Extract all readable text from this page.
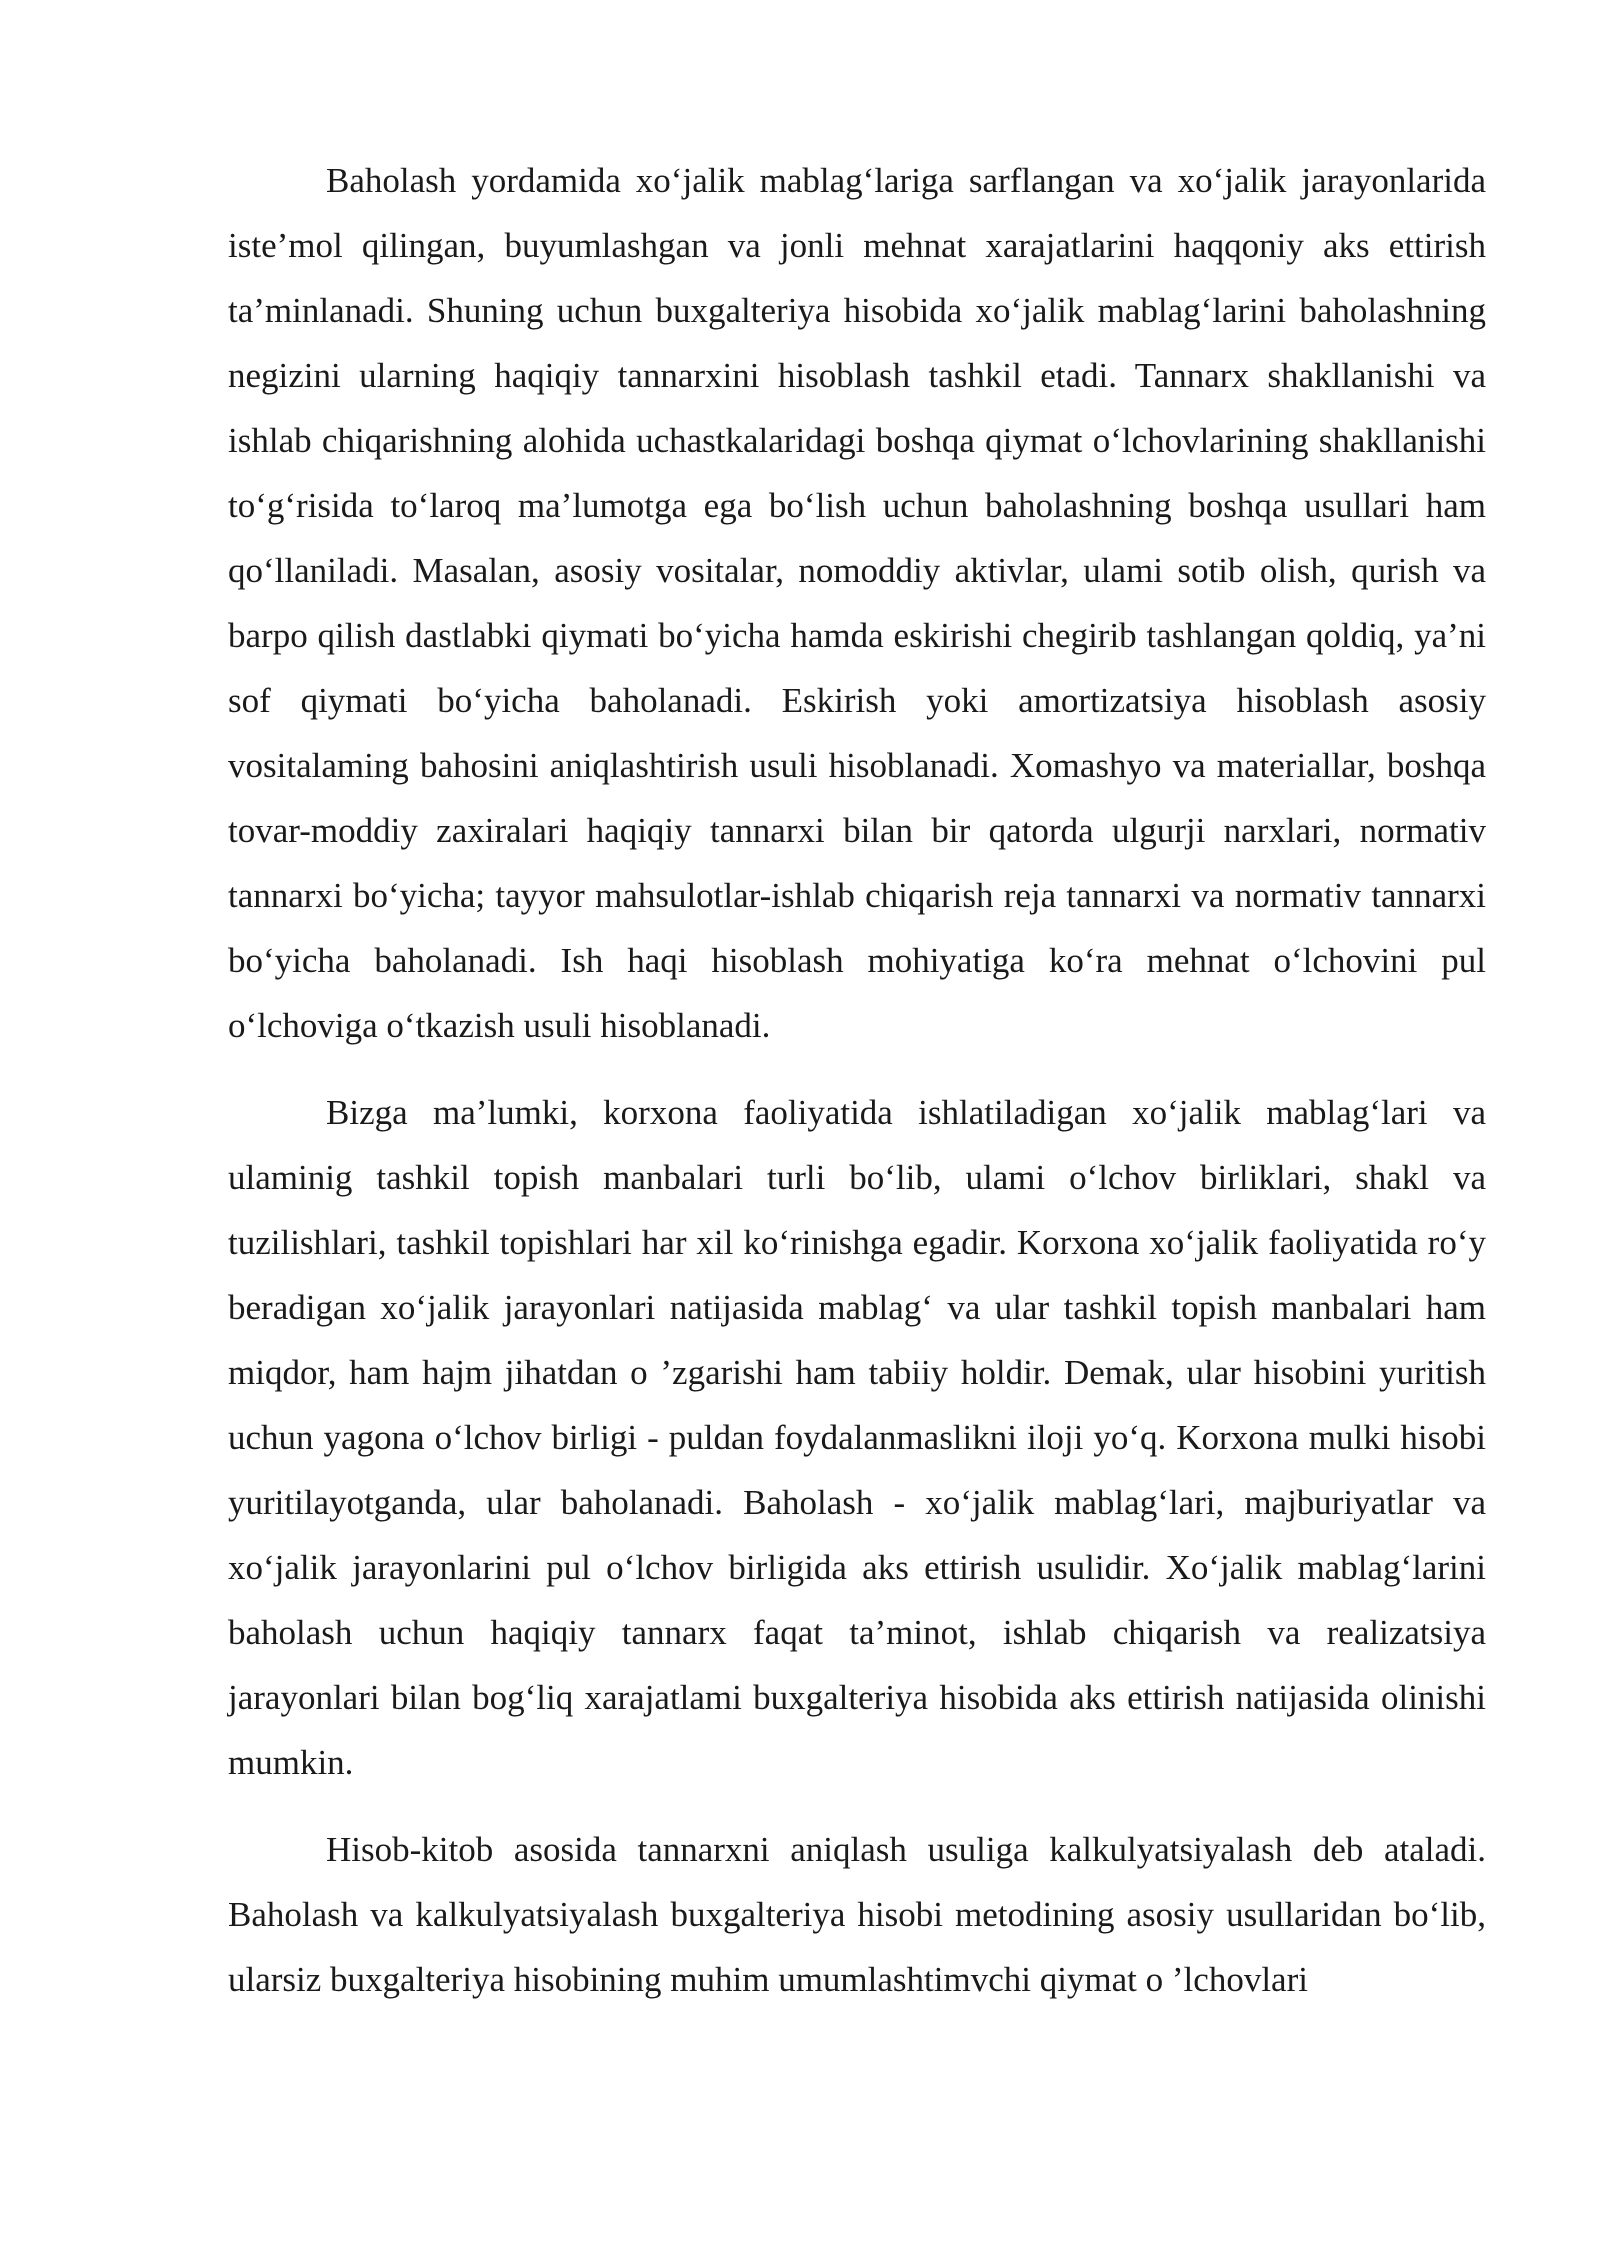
Baholash yordamida xo‘jalik mablag‘lariga sarflangan va xo‘jalik jarayonlarida iste’mol qilingan, buyumlashgan va jonli mehnat xarajatlarini haqqoniy aks ettirish ta’minlanadi. Shuning uchun buxgalteriya hisobida xo‘jalik mablag‘larini baholashning negizini ularning haqiqiy tannarxini hisoblash tashkil etadi. Tannarx shakllanishi va ishlab chiqarishning alohida uchastkalaridagi boshqa qiymat o‘lchovlarining shakllanishi to‘g‘risida to‘laroq ma’lumotga ega bo‘lish uchun baholashning boshqa usullari ham qo‘llaniladi. Masalan, asosiy vositalar, nomoddiy aktivlar, ulami sotib olish, qurish va barpo qilish dastlabki qiymati bo‘yicha hamda eskirishi chegirib tashlangan qoldiq, ya’ni sof qiymati bo‘yicha baholanadi. Eskirish yoki amortizatsiya hisoblash asosiy vositalaming bahosini aniqlashtirish usuli hisoblanadi. Xomashyo va materiallar, boshqa tovar-moddiy zaxiralari haqiqiy tannarxi bilan bir qatorda ulgurji narxlari, normativ tannarxi bo‘yicha; tayyor mahsulotlar-ishlab chiqarish reja tannarxi va normativ tannarxi bo‘yicha baholanadi. Ish haqi hisoblash mohiyatiga ko‘ra mehnat o‘lchovini pul o‘lchoviga o‘tkazish usuli hisoblanadi.

Bizga ma’lumki, korxona faoliyatida ishlatiladigan xo‘jalik mablag‘lari va ulaminig tashkil topish manbalari turli bo‘lib, ulami o‘lchov birliklari, shakl va tuzilishlari, tashkil topishlari har xil ko‘rinishga egadir. Korxona xo‘jalik faoliyatida ro‘y beradigan xo‘jalik jarayonlari natijasida mablag‘ va ular tashkil topish manbalari ham miqdor, ham hajm jihatdan o ’zgarishi ham tabiiy holdir. Demak, ular hisobini yuritish uchun yagona o‘lchov birligi - puldan foydalanmaslikni iloji yo‘q. Korxona mulki hisobi yuritilayotganda, ular baholanadi. Baholash - xo‘jalik mablag‘lari, majburiyatlar va xo‘jalik jarayonlarini pul o‘lchov birligida aks ettirish usulidir. Xo‘jalik mablag‘larini baholash uchun haqiqiy tannarx faqat ta’minot, ishlab chiqarish va realizatsiya jarayonlari bilan bog‘liq xarajatlami buxgalteriya hisobida aks ettirish natijasida olinishi mumkin.

Hisob-kitob asosida tannarxni aniqlash usuliga kalkulyatsiyalash deb ataladi. Baholash va kalkulyatsiyalash buxgalteriya hisobi metodining asosiy usullaridan bo‘lib, ularsiz buxgalteriya hisobining muhim umumlashtimvchi qiymat o ’lchovlari
